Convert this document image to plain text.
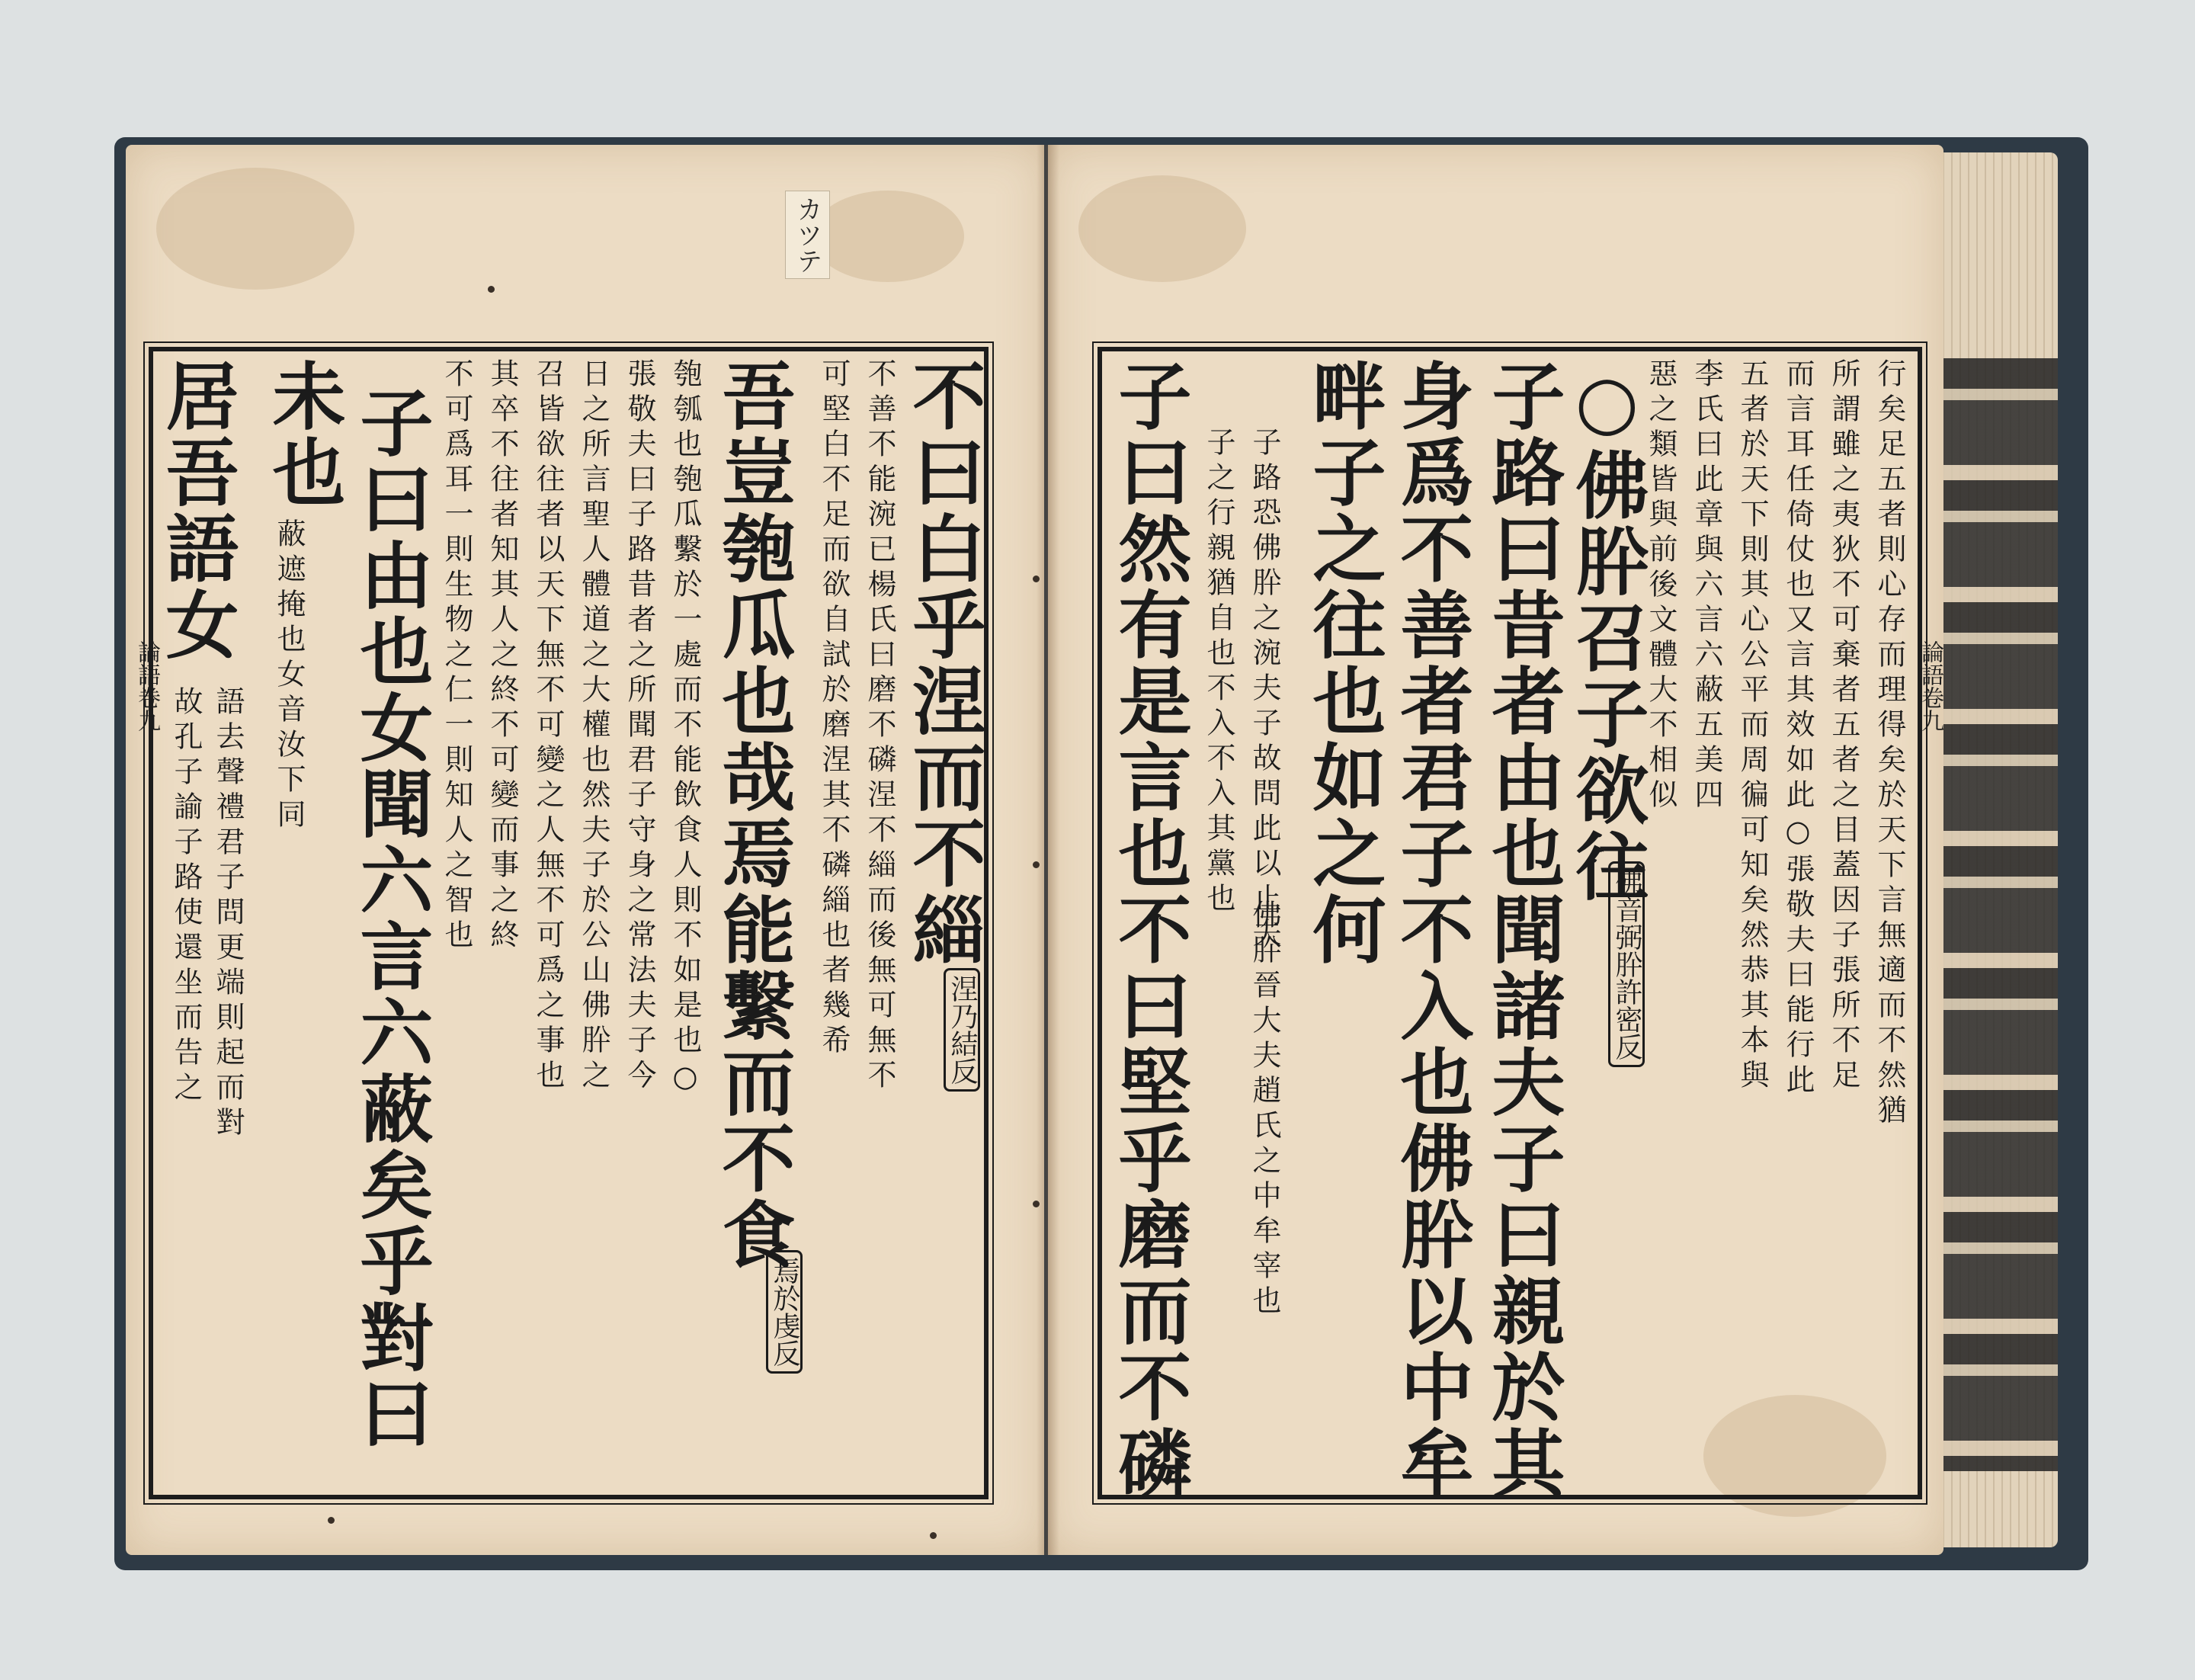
カツテ
不曰白乎涅而不緇
不善不能涴已楊氏曰磨不磷涅不緇而後無可無不
可堅白不足而欲自試於磨涅其不磷緇也者幾希
吾豈匏瓜也哉焉能繫而不食
匏瓠也匏瓜繫於一處而不能飲食人則不如是也○
張敬夫曰子路昔者之所聞君子守身之常法夫子今
日之所言聖人體道之大權也然夫子於公山佛肸之
召皆欲往者以天下無不可變之人無不可爲之事也
其卒不往者知其人之終不可變而事之終
不可爲耳一則生物之仁一則知人之智也
子曰由也女聞六言六蔽矣乎對曰
未也
蔽遮掩也女音汝下同
居吾語女
語去聲禮君子問更端則起而對
故孔子諭子路使還坐而告之	涅乃結反
焉於虔反
論語卷九	行矣足五者則心存而理得矣於天下言無適而不然猶
所謂雖之夷狄不可棄者五者之目蓋因子張所不足
而言耳任倚仗也又言其效如此○張敬夫曰能行此
五者於天下則其心公平而周徧可知矣然恭其本與
李氏曰此章與六言六蔽五美四
惡之類皆與前後文體大不相似
○佛肸召子欲往
子路曰昔者由也聞諸夫子曰親於其
身爲不善者君子不入也佛肸以中牟
畔子之往也如之何
佛肸晉大夫趙氏之中牟宰也
子路恐佛肸之涴夫子故問此以止夫
子之行親猶自也不入不入其黨也
子曰然有是言也不曰堅乎磨而不磷	佛音弼肸許密反
論語卷九
